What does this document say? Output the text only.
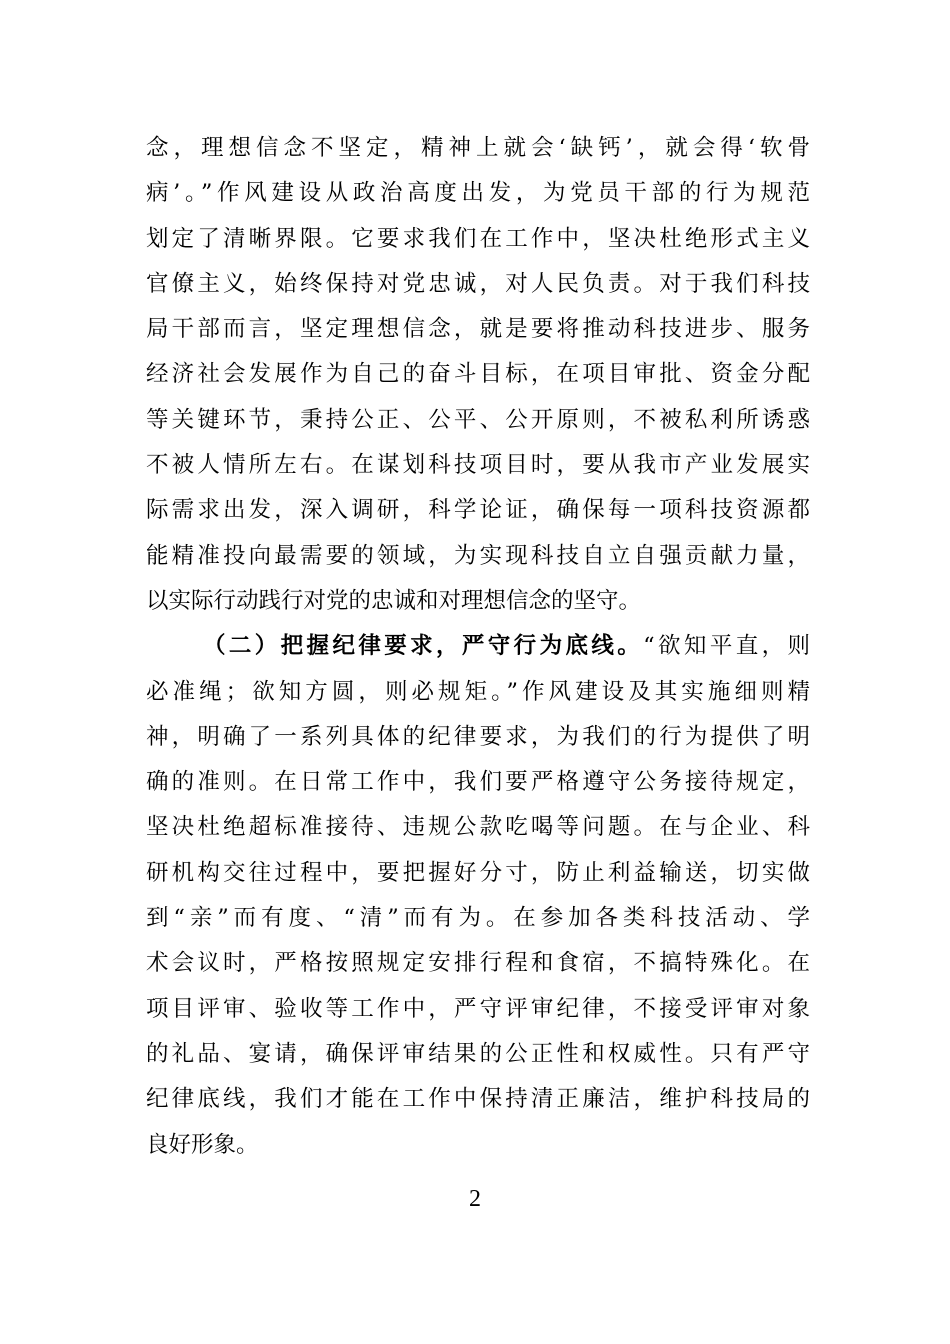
念，理想信念不坚定，精神上就会‘缺钙’，就会得‘软骨
病’。”作风建设从政治高度出发，为党员干部的行为规范
划定了清晰界限。它要求我们在工作中，坚决杜绝形式主义
官僚主义，始终保持对党忠诚，对人民负责。对于我们科技
局干部而言，坚定理想信念，就是要将推动科技进步、服务
经济社会发展作为自己的奋斗目标，在项目审批、资金分配
等关键环节，秉持公正、公平、公开原则，不被私利所诱惑
不被人情所左右。在谋划科技项目时，要从我市产业发展实
际需求出发，深入调研，科学论证，确保每一项科技资源都
能精准投向最需要的领域，为实现科技自立自强贡献力量，
以实际行动践行对党的忠诚和对理想信念的坚守。
（二）把握纪律要求，严守行为底线。“欲知平直，则
必准绳；欲知方圆，则必规矩。”作风建设及其实施细则精
神，明确了一系列具体的纪律要求，为我们的行为提供了明
确的准则。在日常工作中，我们要严格遵守公务接待规定，
坚决杜绝超标准接待、违规公款吃喝等问题。在与企业、科
研机构交往过程中，要把握好分寸，防止利益输送，切实做
到“亲”而有度、“清”而有为。在参加各类科技活动、学
术会议时，严格按照规定安排行程和食宿，不搞特殊化。在
项目评审、验收等工作中，严守评审纪律，不接受评审对象
的礼品、宴请，确保评审结果的公正性和权威性。只有严守
纪律底线，我们才能在工作中保持清正廉洁，维护科技局的
良好形象。
2
